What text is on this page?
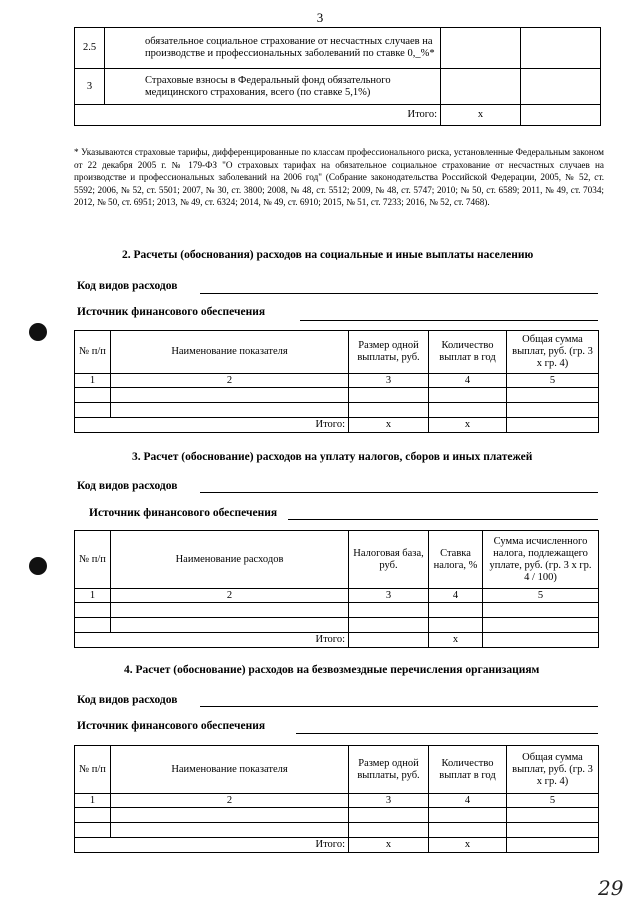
3
2.5	обязательное социальное страхование от несчастных случаев на производстве и профессиональных заболеваний по ставке 0,_%*		
3	Страховые взносы в Федеральный фонд обязательного медицинского страхования, всего (по ставке 5,1%)		
Итого:		x	
* Указываются страховые тарифы, дифференцированные по классам профессионального риска, установленные Федеральным законом от 22 декабря 2005 г. № 179-ФЗ "О страховых тарифах на обязательное социальное страхование от несчастных случаев на производстве и профессиональных заболеваний на 2006 год" (Собрание законодательства Российской Федерации, 2005, № 52, ст. 5592; 2006, № 52, ст. 5501; 2007, № 30, ст. 3800; 2008, № 48, ст. 5512; 2009, № 48, ст. 5747; 2010; № 50, ст. 6589; 2011, № 49, ст. 7034; 2012, № 50, ст. 6951; 2013, № 49, ст. 6324; 2014, № 49, ст. 6910; 2015, № 51, ст. 7233; 2016, № 52, ст. 7468).
2. Расчеты (обоснования) расходов на социальные и иные выплаты населению
Код видов расходов
Источник финансового обеспечения
№ п/п	Наименование показателя	Размер одной выплаты, руб.	Количество выплат в год	Общая сумма выплат, руб. (гр. 3 x гр. 4)
1	2	3	4	5

Итого:		x	x	
3. Расчет (обоснование) расходов на уплату налогов, сборов и иных платежей
Код видов расходов
Источник финансового обеспечения
№ п/п	Наименование расходов	Налоговая база, руб.	Ставка налога, %	Сумма исчисленного налога, подлежащего уплате, руб. (гр. 3 x гр. 4 / 100)
1	2	3	4	5

Итого:			x	
4. Расчет (обоснование) расходов на безвозмездные перечисления организациям
Код видов расходов
Источник финансового обеспечения
№ п/п	Наименование показателя	Размер одной выплаты, руб.	Количество выплат в год	Общая сумма выплат, руб. (гр. 3 x гр. 4)
1	2	3	4	5

Итого:		x	x	
29
